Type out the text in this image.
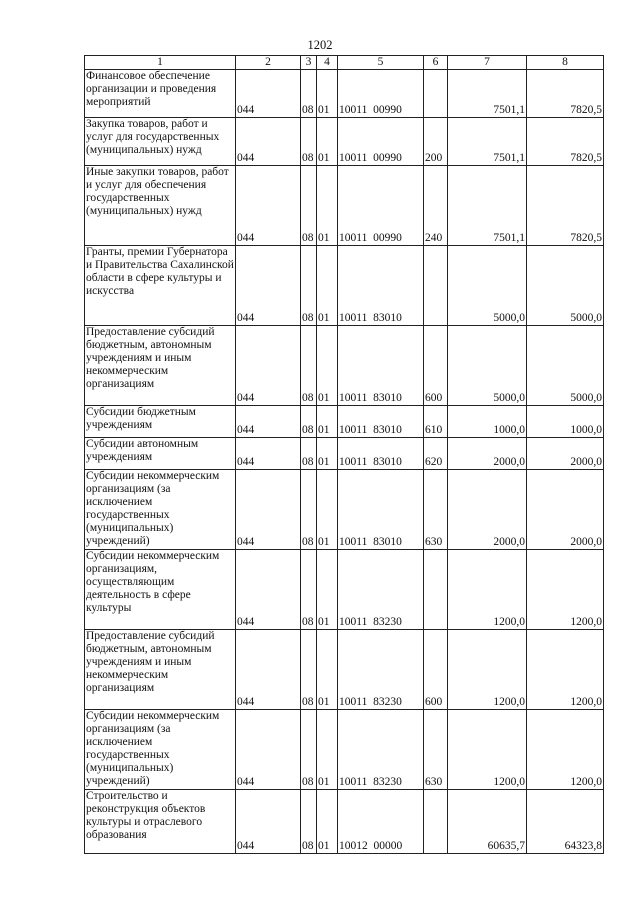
1202
1	2	3	4	5	6	7	8
Финансовое обеспечение организации и проведения мероприятий	044	08	01	10011  00990		7501,1	7820,5
Закупка товаров, работ и услуг для государственных (муниципальных) нужд	044	08	01	10011  00990	200	7501,1	7820,5
Иные закупки товаров, работ и услуг для обеспечения государственных (муниципальных) нужд	044	08	01	10011  00990	240	7501,1	7820,5
Гранты, премии Губернатора и Правительства Сахалинской области в сфере культуры и искусства	044	08	01	10011  83010		5000,0	5000,0
Предоставление субсидий бюджетным, автономным учреждениям и иным некоммерческим организациям	044	08	01	10011  83010	600	5000,0	5000,0
Субсидии бюджетным учреждениям	044	08	01	10011  83010	610	1000,0	1000,0
Субсидии автономным учреждениям	044	08	01	10011  83010	620	2000,0	2000,0
Субсидии некоммерческим организациям (за исключением государственных (муниципальных) учреждений)	044	08	01	10011  83010	630	2000,0	2000,0
Субсидии некоммерческим организациям, осуществляющим деятельность в сфере культуры	044	08	01	10011  83230		1200,0	1200,0
Предоставление субсидий бюджетным, автономным учреждениям и иным некоммерческим организациям	044	08	01	10011  83230	600	1200,0	1200,0
Субсидии некоммерческим организациям (за исключением государственных (муниципальных) учреждений)	044	08	01	10011  83230	630	1200,0	1200,0
Строительство и реконструкция объектов культуры и отраслевого образования	044	08	01	10012  00000		60635,7	64323,8
